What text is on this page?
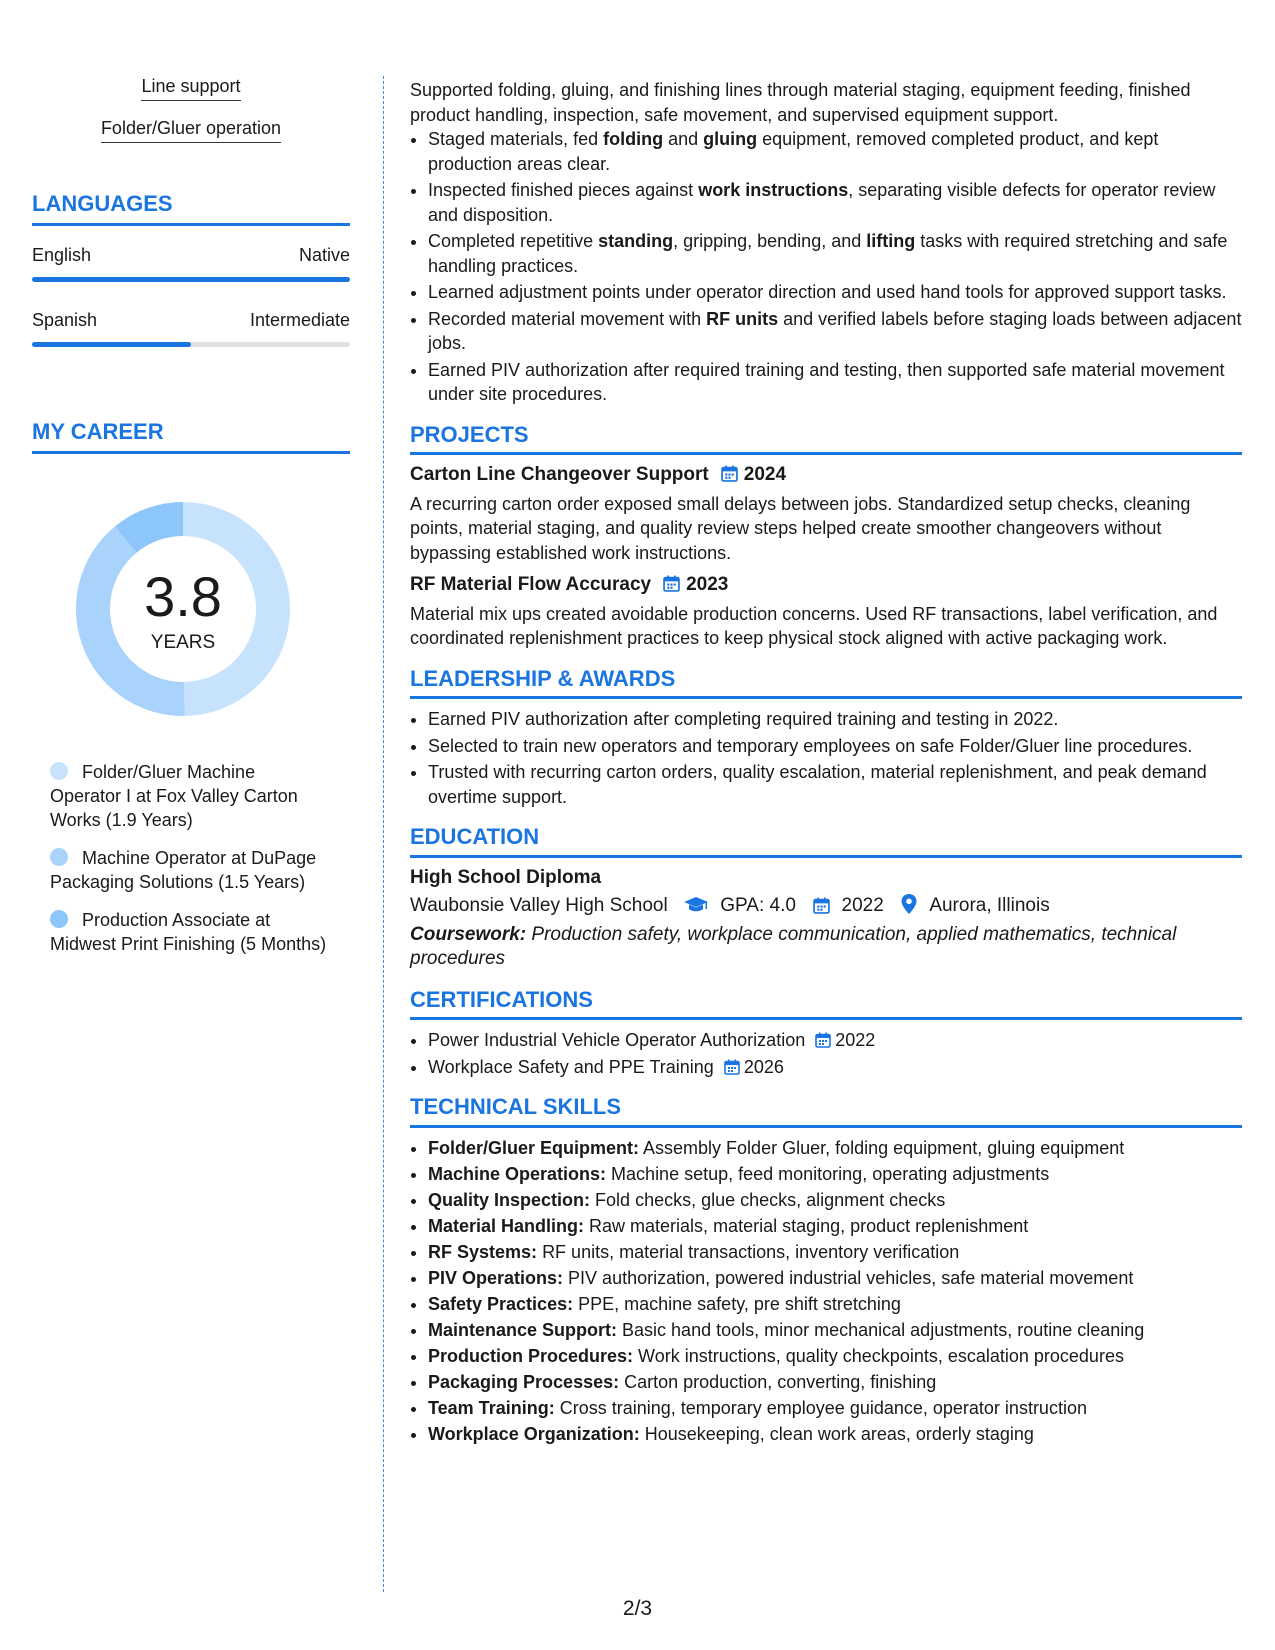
Line support
Folder/Gluer operation
LANGUAGES
English	Native
Spanish	Intermediate
MY CAREER
3.8
YEARS
Folder/Gluer Machine Operator I at Fox Valley Carton Works (1.9 Years)
Machine Operator at DuPage Packaging Solutions (1.5 Years)
Production Associate at Midwest Print Finishing (5 Months)

Supported folding, gluing, and finishing lines through material staging, equipment feeding, finished product handling, inspection, safe movement, and supervised equipment support.

• Staged materials, fed folding and gluing equipment, removed completed product, and kept production areas clear.
• Inspected finished pieces against work instructions, separating visible defects for operator review and disposition.
• Completed repetitive standing, gripping, bending, and lifting tasks with required stretching and safe handling practices.
• Learned adjustment points under operator direction and used hand tools for approved support tasks.
• Recorded material movement with RF units and verified labels before staging loads between adjacent jobs.
• Earned PIV authorization after required training and testing, then supported safe material movement under site procedures.
PROJECTS
Carton Line Changeover Support 2024

A recurring carton order exposed small delays between jobs. Standardized setup checks, cleaning points, material staging, and quality review steps helped create smoother changeovers without bypassing established work instructions.

RF Material Flow Accuracy 2023

Material mix ups created avoidable production concerns. Used RF transactions, label verification, and coordinated replenishment practices to keep physical stock aligned with active packaging work.

LEADERSHIP & AWARDS
• Earned PIV authorization after completing required training and testing in 2022.
• Selected to train new operators and temporary employees on safe Folder/Gluer line procedures.
• Trusted with recurring carton orders, quality escalation, material replenishment, and peak demand overtime support.
EDUCATION
High School Diploma
Waubonsie Valley High School	GPA: 4.0 2022 Aurora, Illinois
Coursework: Production safety, workplace communication, applied mathematics, technical procedures
CERTIFICATIONS
• Power Industrial Vehicle Operator Authorization 2022
• Workplace Safety and PPE Training 2026
TECHNICAL SKILLS
• Folder/Gluer Equipment: Assembly Folder Gluer, folding equipment, gluing equipment
• Machine Operations: Machine setup, feed monitoring, operating adjustments
• Quality Inspection: Fold checks, glue checks, alignment checks
• Material Handling: Raw materials, material staging, product replenishment
• RF Systems: RF units, material transactions, inventory verification
• PIV Operations: PIV authorization, powered industrial vehicles, safe material movement
• Safety Practices: PPE, machine safety, pre shift stretching
• Maintenance Support: Basic hand tools, minor mechanical adjustments, routine cleaning
• Production Procedures: Work instructions, quality checkpoints, escalation procedures
• Packaging Processes: Carton production, converting, finishing
• Team Training: Cross training, temporary employee guidance, operator instruction
• Workplace Organization: Housekeeping, clean work areas, orderly staging
2/3
